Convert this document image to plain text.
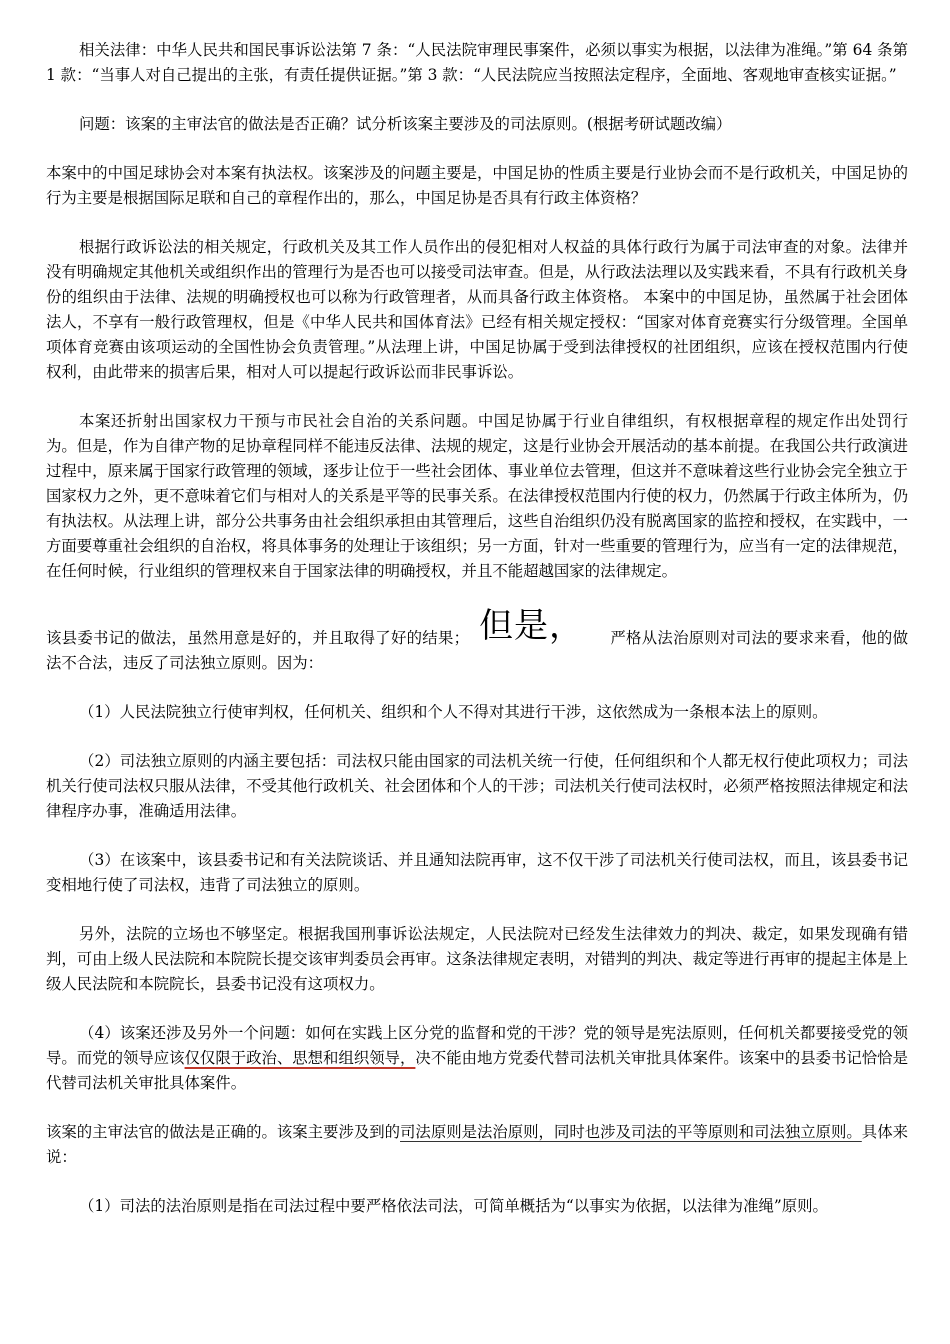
相关法律：中华人民共和国民事诉讼法第 7 条：“人民法院审理民事案件，必须以事实为根据，以法律为准绳。”第 64 条第 1 款：“当事人对自己提出的主张，有责任提供证据。”第 3 款：“人民法院应当按照法定程序，全面地、客观地审查核实证据。”

问题：该案的主审法官的做法是否正确？试分析该案主要涉及的司法原则。(根据考研试题改编）

本案中的中国足球协会对本案有执法权。该案涉及的问题主要是，中国足协的性质主要是行业协会而不是行政机关，中国足协的行为主要是根据国际足联和自己的章程作出的，那么，中国足协是否具有行政主体资格？

根据行政诉讼法的相关规定，行政机关及其工作人员作出的侵犯相对人权益的具体行政行为属于司法审查的对象。法律并没有明确规定其他机关或组织作出的管理行为是否也可以接受司法审查。但是，从行政法法理以及实践来看，不具有行政机关身份的组织由于法律、法规的明确授权也可以称为行政管理者，从而具备行政主体资格。 本案中的中国足协，虽然属于社会团体法人，不享有一般行政管理权，但是《中华人民共和国体育法》已经有相关规定授权：“国家对体育竞赛实行分级管理。全国单项体育竞赛由该项运动的全国性协会负责管理。”从法理上讲，中国足协属于受到法律授权的社团组织，应该在授权范围内行使权利，由此带来的损害后果，相对人可以提起行政诉讼而非民事诉讼。

本案还折射出国家权力干预与市民社会自治的关系问题。中国足协属于行业自律组织，有权根据章程的规定作出处罚行为。但是，作为自律产物的足协章程同样不能违反法律、法规的规定，这是行业协会开展活动的基本前提。在我国公共行政演进过程中，原来属于国家行政管理的领域，逐步让位于一些社会团体、事业单位去管理，但这并不意味着这些行业协会完全独立于国家权力之外，更不意味着它们与相对人的关系是平等的民事关系。在法律授权范围内行使的权力，仍然属于行政主体所为，仍有执法权。从法理上讲，部分公共事务由社会组织承担由其管理后，这些自治组织仍没有脱离国家的监控和授权，在实践中，一方面要尊重社会组织的自治权，将具体事务的处理让于该组织；另一方面，针对一些重要的管理行为，应当有一定的法律规范，在任何时候，行业组织的管理权来自于国家法律的明确授权，并且不能超越国家的法律规定。

该县委书记的做法，虽然用意是好的，并且取得了好的结果； 但是， 严格从法治原则对司法的要求来看，他的做法不合法，违反了司法独立原则。因为：

（1）人民法院独立行使审判权，任何机关、组织和个人不得对其进行干涉，这依然成为一条根本法上的原则。

（2）司法独立原则的内涵主要包括：司法权只能由国家的司法机关统一行使，任何组织和个人都无权行使此项权力；司法机关行使司法权只服从法律，不受其他行政机关、社会团体和个人的干涉；司法机关行使司法权时，必须严格按照法律规定和法律程序办事，准确适用法律。

（3）在该案中，该县委书记和有关法院谈话、并且通知法院再审，这不仅干涉了司法机关行使司法权，而且，该县委书记变相地行使了司法权，违背了司法独立的原则。

另外，法院的立场也不够坚定。根据我国刑事诉讼法规定，人民法院对已经发生法律效力的判决、裁定，如果发现确有错判，可由上级人民法院和本院院长提交该审判委员会再审。这条法律规定表明，对错判的判决、裁定等进行再审的提起主体是上级人民法院和本院院长，县委书记没有这项权力。

（4）该案还涉及另外一个问题：如何在实践上区分党的监督和党的干涉？党的领导是宪法原则，任何机关都要接受党的领导。而党的领导应该仅仅限于政治、思想和组织领导，决不能由地方党委代替司法机关审批具体案件。该案中的县委书记恰恰是代替司法机关审批具体案件。

该案的主审法官的做法是正确的。该案主要涉及到的司法原则是法治原则，同时也涉及司法的平等原则和司法独立原则。具体来说：

（1）司法的法治原则是指在司法过程中要严格依法司法，可简单概括为“以事实为依据，以法律为准绳”原则。
